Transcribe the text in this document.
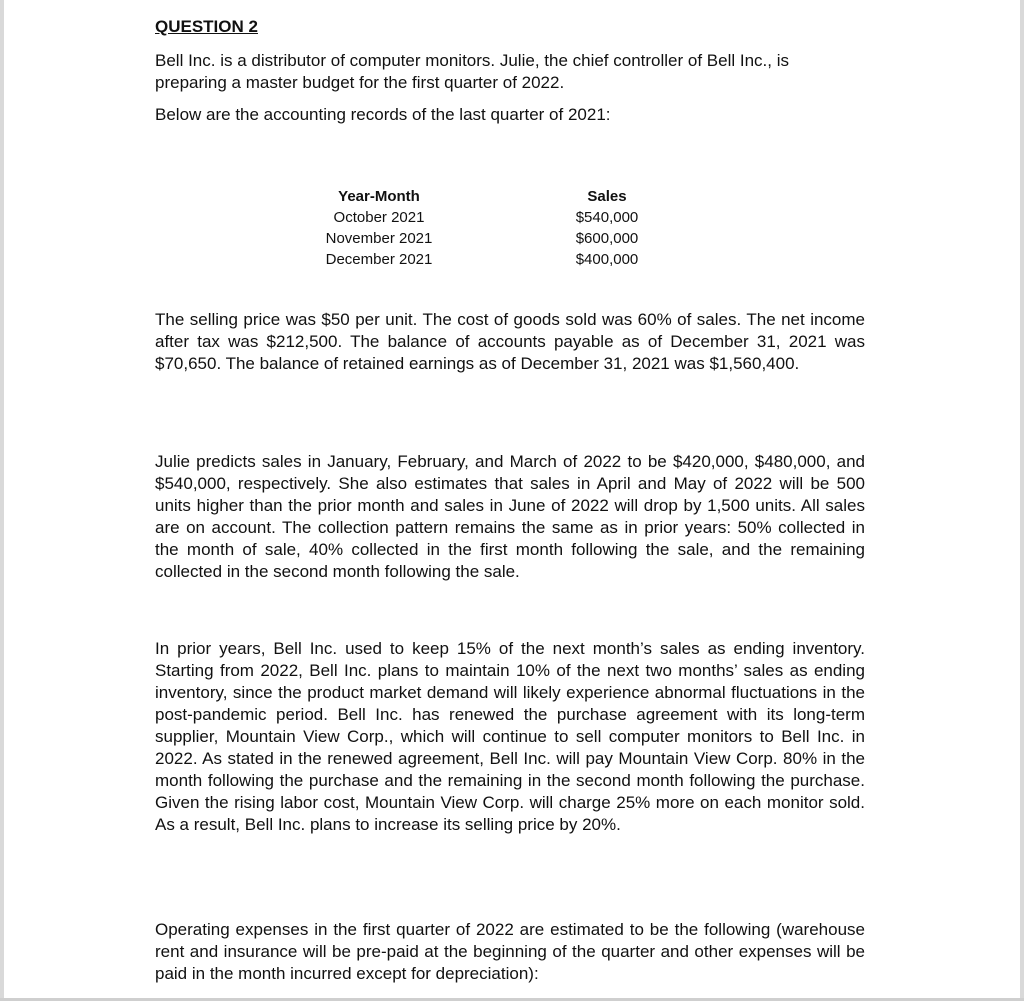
QUESTION 2

Bell Inc. is a distributor of computer monitors. Julie, the chief controller of Bell Inc., is preparing a master budget for the first quarter of 2022.

Below are the accounting records of the last quarter of 2021:

Year-Month
October 2021
November 2021
December 2021
Sales
$540,000
$600,000
$400,000

The selling price was $50 per unit. The cost of goods sold was 60% of sales. The net income after tax was $212,500. The balance of accounts payable as of December 31, 2021 was $70,650. The balance of retained earnings as of December 31, 2021 was $1,560,400.

Julie predicts sales in January, February, and March of 2022 to be $420,000, $480,000, and $540,000, respectively. She also estimates that sales in April and May of 2022 will be 500 units higher than the prior month and sales in June of 2022 will drop by 1,500 units. All sales are on account. The collection pattern remains the same as in prior years: 50% collected in the month of sale, 40% collected in the first month following the sale, and the remaining collected in the second month following the sale.

In prior years, Bell Inc. used to keep 15% of the next month’s sales as ending inventory. Starting from 2022, Bell Inc. plans to maintain 10% of the next two months’ sales as ending inventory, since the product market demand will likely experience abnormal fluctuations in the post-pandemic period. Bell Inc. has renewed the purchase agreement with its long-term supplier, Mountain View Corp., which will continue to sell computer monitors to Bell Inc. in 2022. As stated in the renewed agreement, Bell Inc. will pay Mountain View Corp. 80% in the month following the purchase and the remaining in the second month following the purchase. Given the rising labor cost, Mountain View Corp. will charge 25% more on each monitor sold. As a result, Bell Inc. plans to increase its selling price by 20%.

Operating expenses in the first quarter of 2022 are estimated to be the following (warehouse rent and insurance will be pre-paid at the beginning of the quarter and other expenses will be paid in the month incurred except for depreciation):
